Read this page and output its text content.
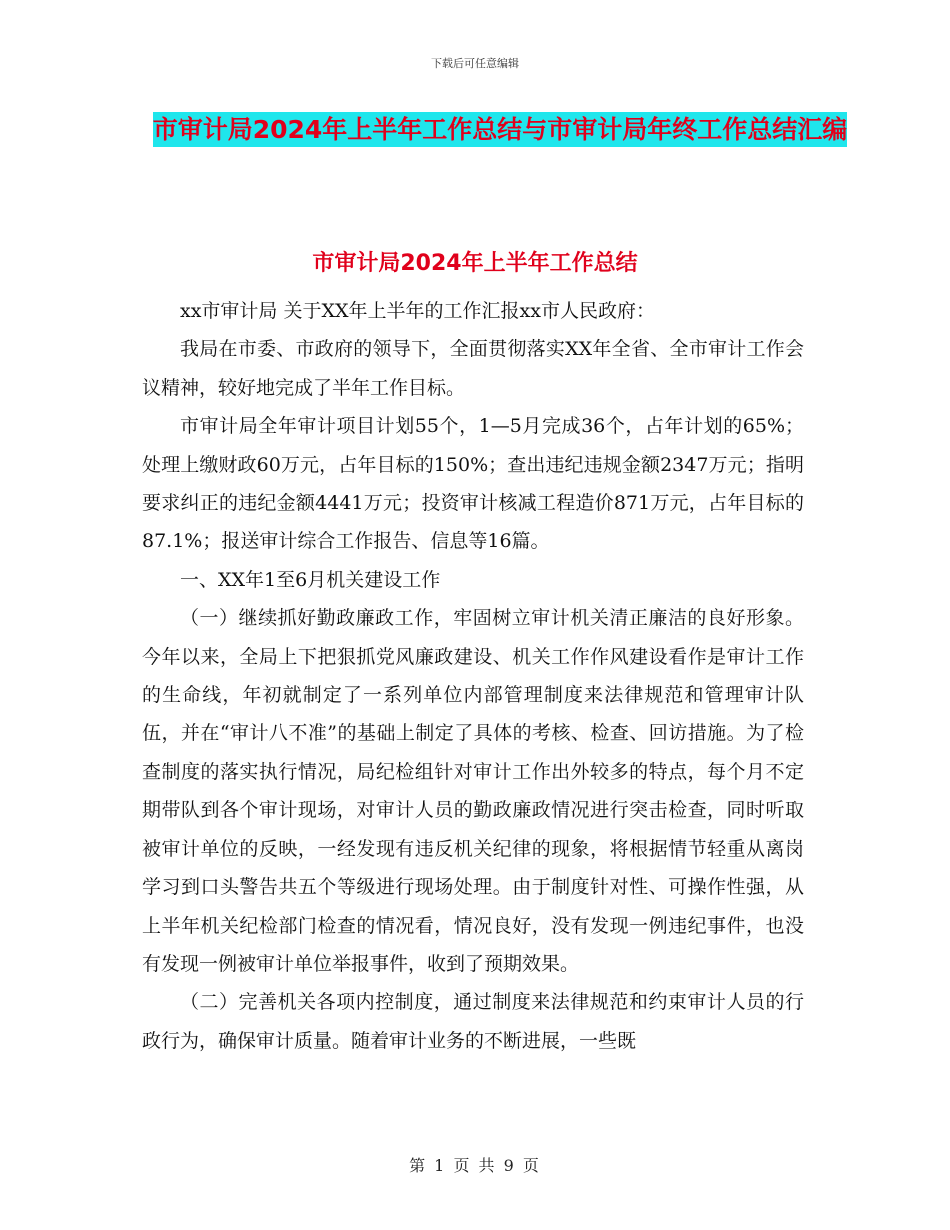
下载后可任意编辑
市审计局2024年上半年工作总结与市审计局年终工作总结汇编
市审计局2024年上半年工作总结

xx市审计局 关于XX年上半年的工作汇报xx市人民政府：

我局在市委、市政府的领导下，全面贯彻落实XX年全省、全市审计工作会议精神，较好地完成了半年工作目标。

市审计局全年审计项目计划55个，1—5月完成36个，占年计划的65%；处理上缴财政60万元，占年目标的150%；查出违纪违规金额2347万元；指明要求纠正的违纪金额4441万元；投资审计核减工程造价871万元，占年目标的87.1%；报送审计综合工作报告、信息等16篇。

一、XX年1至6月机关建设工作

（一）继续抓好勤政廉政工作，牢固树立审计机关清正廉洁的良好形象。今年以来，全局上下把狠抓党风廉政建设、机关工作作风建设看作是审计工作的生命线，年初就制定了一系列单位内部管理制度来法律规范和管理审计队伍，并在“审计八不准”的基础上制定了具体的考核、检查、回访措施。为了检查制度的落实执行情况，局纪检组针对审计工作出外较多的特点，每个月不定期带队到各个审计现场，对审计人员的勤政廉政情况进行突击检查，同时听取被审计单位的反映，一经发现有违反机关纪律的现象，将根据情节轻重从离岗学习到口头警告共五个等级进行现场处理。由于制度针对性、可操作性强，从上半年机关纪检部门检查的情况看，情况良好，没有发现一例违纪事件，也没有发现一例被审计单位举报事件，收到了预期效果。

（二）完善机关各项内控制度，通过制度来法律规范和约束审计人员的行政行为，确保审计质量。随着审计业务的不断进展，一些既

第 1 页 共 9 页
